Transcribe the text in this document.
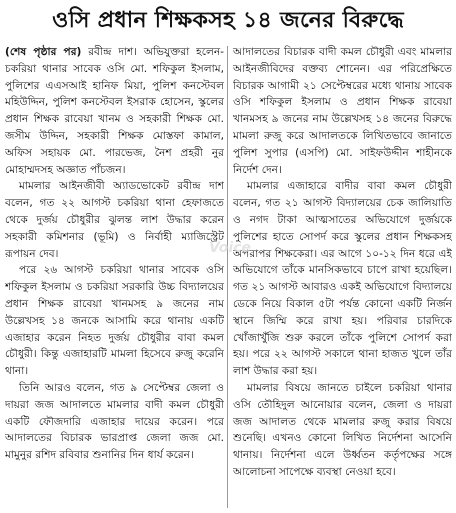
ওসি প্রধান শিক্ষকসহ ১৪ জনের বিরুদ্ধে

(শেষ পৃষ্ঠার পর) রবীন্দ্র দাশ। অভিযুক্তরা হলেন- চকরিয়া থানার সাবেক ওসি মো. শফিকুল ইসলাম, পুলিশের এএসআই হানিফ মিয়া, পুলিশ কনস্টেবল মহিউদ্দিন, পুলিশ কনস্টেবল ইসরাক হোসেন, স্কুলের প্রধান শিক্ষক রাবেয়া খানম ও সহকারী শিক্ষক মো. জসীম উদ্দিন, সহকারী শিক্ষক মোস্তফা কামাল, অফিস সহায়ক মো. পারভেজ, নৈশ প্রহরী নুর মোহাম্মদসহ অজ্ঞাত পাঁচজন।

মামলার আইনজীবী অ্যাডভোকেট রবীন্দ্র দাশ বলেন, গত ২২ আগস্ট চকরিয়া থানা হেফাজতে থেকে দুর্জয় চৌধুরীর ঝুলন্ত লাশ উদ্ধার করেন সহকারী কমিশনার (ভূমি) ও নির্বাহী ম্যাজিস্ট্রেট রূপায়ন দেব।

পরে ২৬ আগস্ট চকরিয়া থানার সাবেক ওসি শফিকুল ইসলাম ও চকরিয়া সরকারি উচ্চ বিদ্যালয়ের প্রধান শিক্ষক রাবেয়া খানমসহ ৯ জনের নাম উল্লেখসহ ১৪ জনকে আসামি করে থানায় একটি এজাহার করেন নিহত দুর্জয় চৌধুরীর বাবা কমল চৌধুরী। কিন্তু এজাহারটি মামলা হিসেবে রুজু করেনি থানা।

তিনি আরও বলেন, গত ৯ সেপ্টেম্বর জেলা ও দায়রা জজ আদালতে মামলার বাদী কমল চৌধুরী একটি ফৌজদারি এজাহার দায়ের করেন। পরে আদালতের বিচারক ভারপ্রাপ্ত জেলা জজ মো. মামুনুর রশিদ রবিবার শুনানির দিন ধার্য করেন।

আদালতের বিচারক বাদী কমল চৌধুরী এবং মামলার আইনজীবিদের বক্তব্য শোনেন। এর পরিপ্রেক্ষিতে বিচারক আগামী ২১ সেপ্টেম্বরের মধ্যে থানায় সাবেক ওসি শফিকুল ইসলাম ও প্রধান শিক্ষক রাবেয়া খানমসহ ৯ জনের নাম উল্লেখসহ ১৪ জনের বিরুদ্ধে মামলা রুজু করে আদালতকে লিখিতভাবে জানাতে পুলিশ সুপার (এসপি) মো. সাইফউদ্দীন শাহীনকে নির্দেশ দেন।

মামলার এজাহারে বাদীর বাবা কমল চৌধুরী বলেন, গত ২১ আগস্ট বিদ্যালয়ের চেক জালিয়াতি ও নগদ টাকা আত্মসাতের অভিযোগে দুর্জয়কে পুলিশের হাতে সোপর্দ করে স্কুলের প্রধান শিক্ষকসহ অপরাপর শিক্ষকেরা। এর আগে ১০-১২ দিন ধরে এই অভিযোগে তাঁকে মানসিকভাবে চাপে রাখা হয়েছিল। গত ২১ আগস্ট আবারও একই অভিযোগে বিদ্যালয়ে ডেকে নিয়ে বিকাল ৫টা পর্যন্ত কোনো একটি নির্জন স্থানে জিম্মি করে রাখা হয়। পরিবার চারদিকে খোঁজাখুঁজি শুরু করলে তাঁকে পুলিশে সোপর্দ করা হয়। পরে ২২ আগস্ট সকালে থানা হাজত খুলে তাঁর লাশ উদ্ধার করা হয়।

মামলার বিষয়ে জানতে চাইলে চকরিয়া থানার ওসি তৌহিদুল আনোয়ার বলেন, জেলা ও দায়রা জজ আদালত থেকে মামলার রুজু করার বিষয়ে শুনেছি। এখনও কোনো লিখিত নির্দেশনা আসেনি থানায়। নির্দেশনা এলে উর্ধ্বতন কর্তৃপক্ষের সঙ্গে আলোচনা সাপেক্ষে ব্যবস্থা নেওয়া হবে।

Voice
